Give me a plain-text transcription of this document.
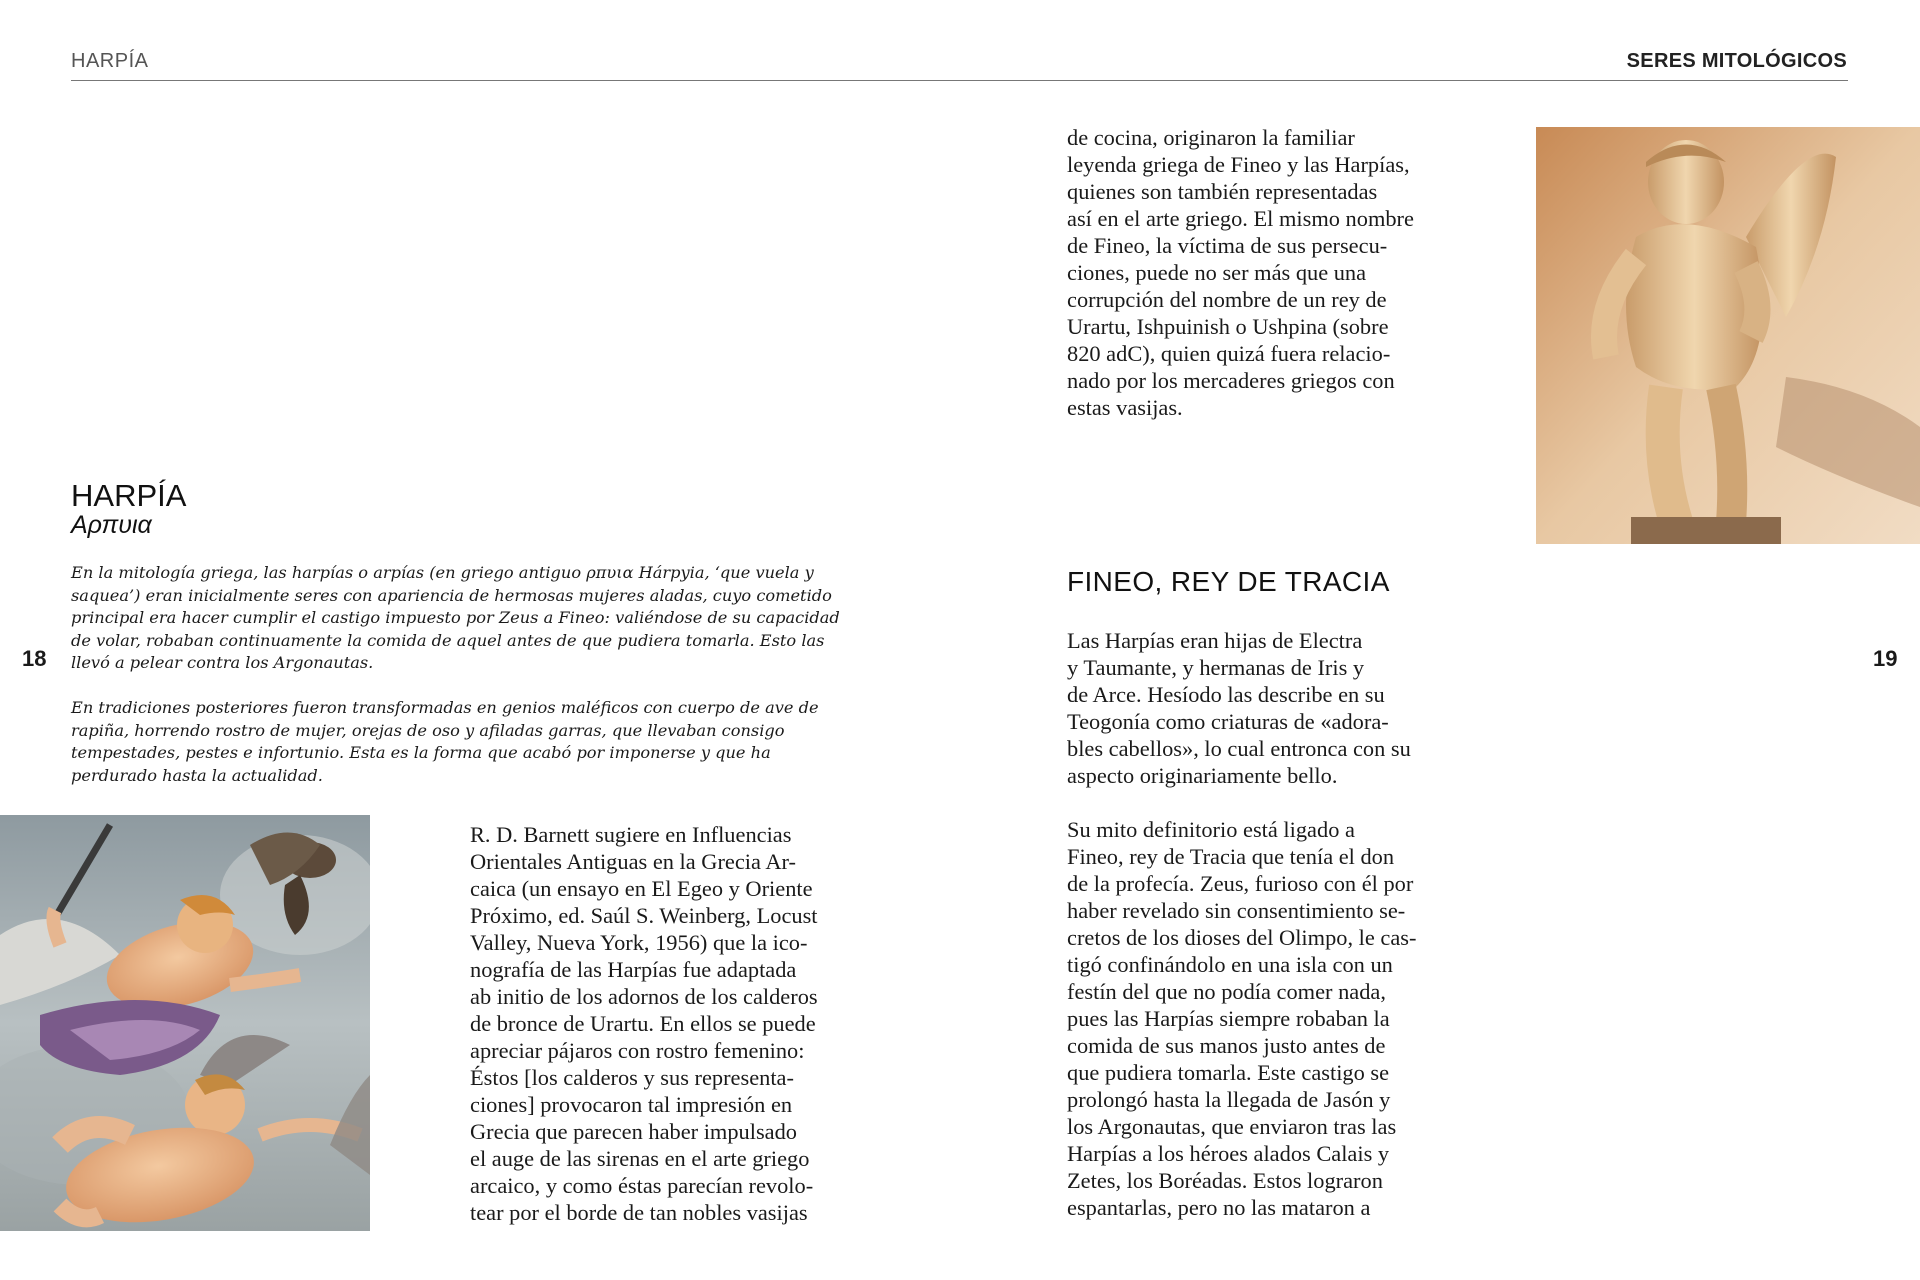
HARPÍA	SERES MITOLÓGICOS
18	19
HARPÍA
Αρπυια

En la mitología griega, las harpías o arpías (en griego antiguo ρπυια Hárpyia, ‘que vuela y saquea’) eran inicialmente seres con apariencia de hermosas mujeres aladas, cuyo cometido principal era hacer cumplir el castigo impuesto por Zeus a Fineo: valiéndose de su capacidad de volar, robaban continuamente la comida de aquel antes de que pudiera tomarla. Esto las llevó a pelear contra los Argonautas.

En tradiciones posteriores fueron transformadas en genios maléficos con cuerpo de ave de rapiña, horrendo rostro de mujer, orejas de oso y afiladas garras, que llevaban consigo tempestades, pestes e infortunio. Esta es la forma que acabó por imponerse y que ha perdurado hasta la actualidad.

R. D. Barnett sugiere en Influencias
Orientales Antiguas en la Grecia Ar-
caica (un ensayo en El Egeo y Oriente
Próximo, ed. Saúl S. Weinberg, Locust
Valley, Nueva York, 1956) que la ico-
nografía de las Harpías fue adaptada
ab initio de los adornos de los calderos
de bronce de Urartu. En ellos se puede
apreciar pájaros con rostro femenino:
Éstos [los calderos y sus representa-
ciones] provocaron tal impresión en
Grecia que parecen haber impulsado
el auge de las sirenas en el arte griego
arcaico, y como éstas parecían revolo-
tear por el borde de tan nobles vasijas
de cocina, originaron la familiar
leyenda griega de Fineo y las Harpías,
quienes son también representadas
así en el arte griego. El mismo nombre
de Fineo, la víctima de sus persecu-
ciones, puede no ser más que una
corrupción del nombre de un rey de
Urartu, Ishpuinish o Ushpina (sobre
820 adC), quien quizá fuera relacio-
nado por los mercaderes griegos con
estas vasijas.
FINEO, REY DE TRACIA
Las Harpías eran hijas de Electra
y Taumante, y hermanas de Iris y
de Arce. Hesíodo las describe en su
Teogonía como criaturas de «adora-
bles cabellos», lo cual entronca con su
aspecto originariamente bello.

Su mito definitorio está ligado a
Fineo, rey de Tracia que tenía el don
de la profecía. Zeus, furioso con él por
haber revelado sin consentimiento se-
cretos de los dioses del Olimpo, le cas-
tigó confinándolo en una isla con un
festín del que no podía comer nada,
pues las Harpías siempre robaban la
comida de sus manos justo antes de
que pudiera tomarla. Este castigo se
prolongó hasta la llegada de Jasón y
los Argonautas, que enviaron tras las
Harpías a los héroes alados Calais y
Zetes, los Boréadas. Estos lograron
espantarlas, pero no las mataron a
